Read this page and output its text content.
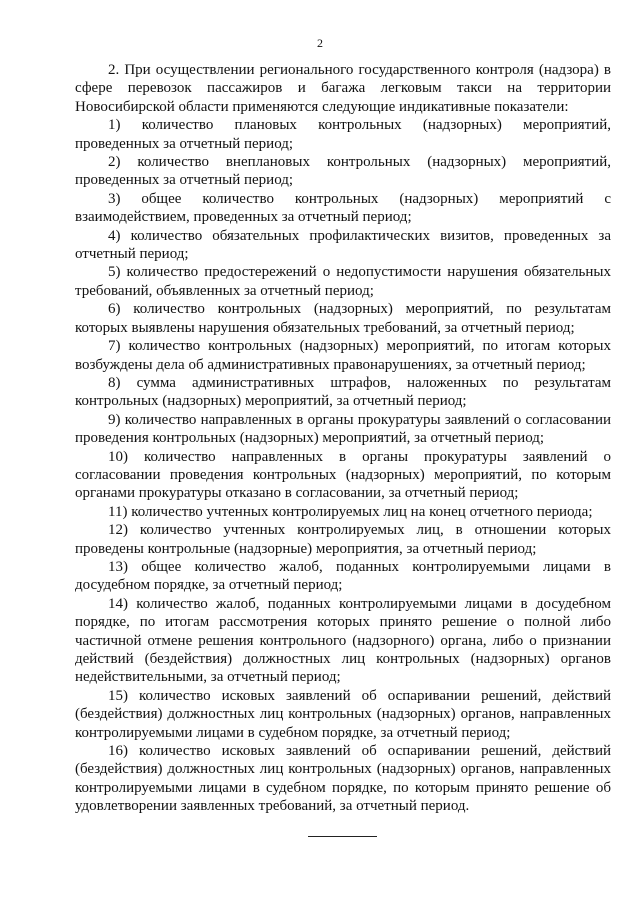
2

2. При осуществлении регионального государственного контроля (надзора) в сфере перевозок пассажиров и багажа легковым такси на территории Новосибирской области применяются следующие индикативные показатели:

1) количество плановых контрольных (надзорных) мероприятий, проведенных за отчетный период;

2) количество внеплановых контрольных (надзорных) мероприятий, проведенных за отчетный период;

3) общее количество контрольных (надзорных) мероприятий с взаимодействием, проведенных за отчетный период;

4) количество обязательных профилактических визитов, проведенных за отчетный период;

5) количество предостережений о недопустимости нарушения обязательных требований, объявленных за отчетный период;

6) количество контрольных (надзорных) мероприятий, по результатам которых выявлены нарушения обязательных требований, за отчетный период;

7) количество контрольных (надзорных) мероприятий, по итогам которых возбуждены дела об административных правонарушениях, за отчетный период;

8) сумма административных штрафов, наложенных по результатам контрольных (надзорных) мероприятий, за отчетный период;

9) количество направленных в органы прокуратуры заявлений о согласовании проведения контрольных (надзорных) мероприятий, за отчетный период;

10) количество направленных в органы прокуратуры заявлений о согласовании проведения контрольных (надзорных) мероприятий, по которым органами прокуратуры отказано в согласовании, за отчетный период;

11) количество учтенных контролируемых лиц на конец отчетного периода;

12) количество учтенных контролируемых лиц, в отношении которых проведены контрольные (надзорные) мероприятия, за отчетный период;

13) общее количество жалоб, поданных контролируемыми лицами в досудебном порядке, за отчетный период;

14) количество жалоб, поданных контролируемыми лицами в досудебном порядке, по итогам рассмотрения которых принято решение о полной либо частичной отмене решения контрольного (надзорного) органа, либо о признании действий (бездействия) должностных лиц контрольных (надзорных) органов недействительными, за отчетный период;

15) количество исковых заявлений об оспаривании решений, действий (бездействия) должностных лиц контрольных (надзорных) органов, направленных контролируемыми лицами в судебном порядке, за отчетный период;

16) количество исковых заявлений об оспаривании решений, действий (бездействия) должностных лиц контрольных (надзорных) органов, направленных контролируемыми лицами в судебном порядке, по которым принято решение об удовлетворении заявленных требований, за отчетный период.
